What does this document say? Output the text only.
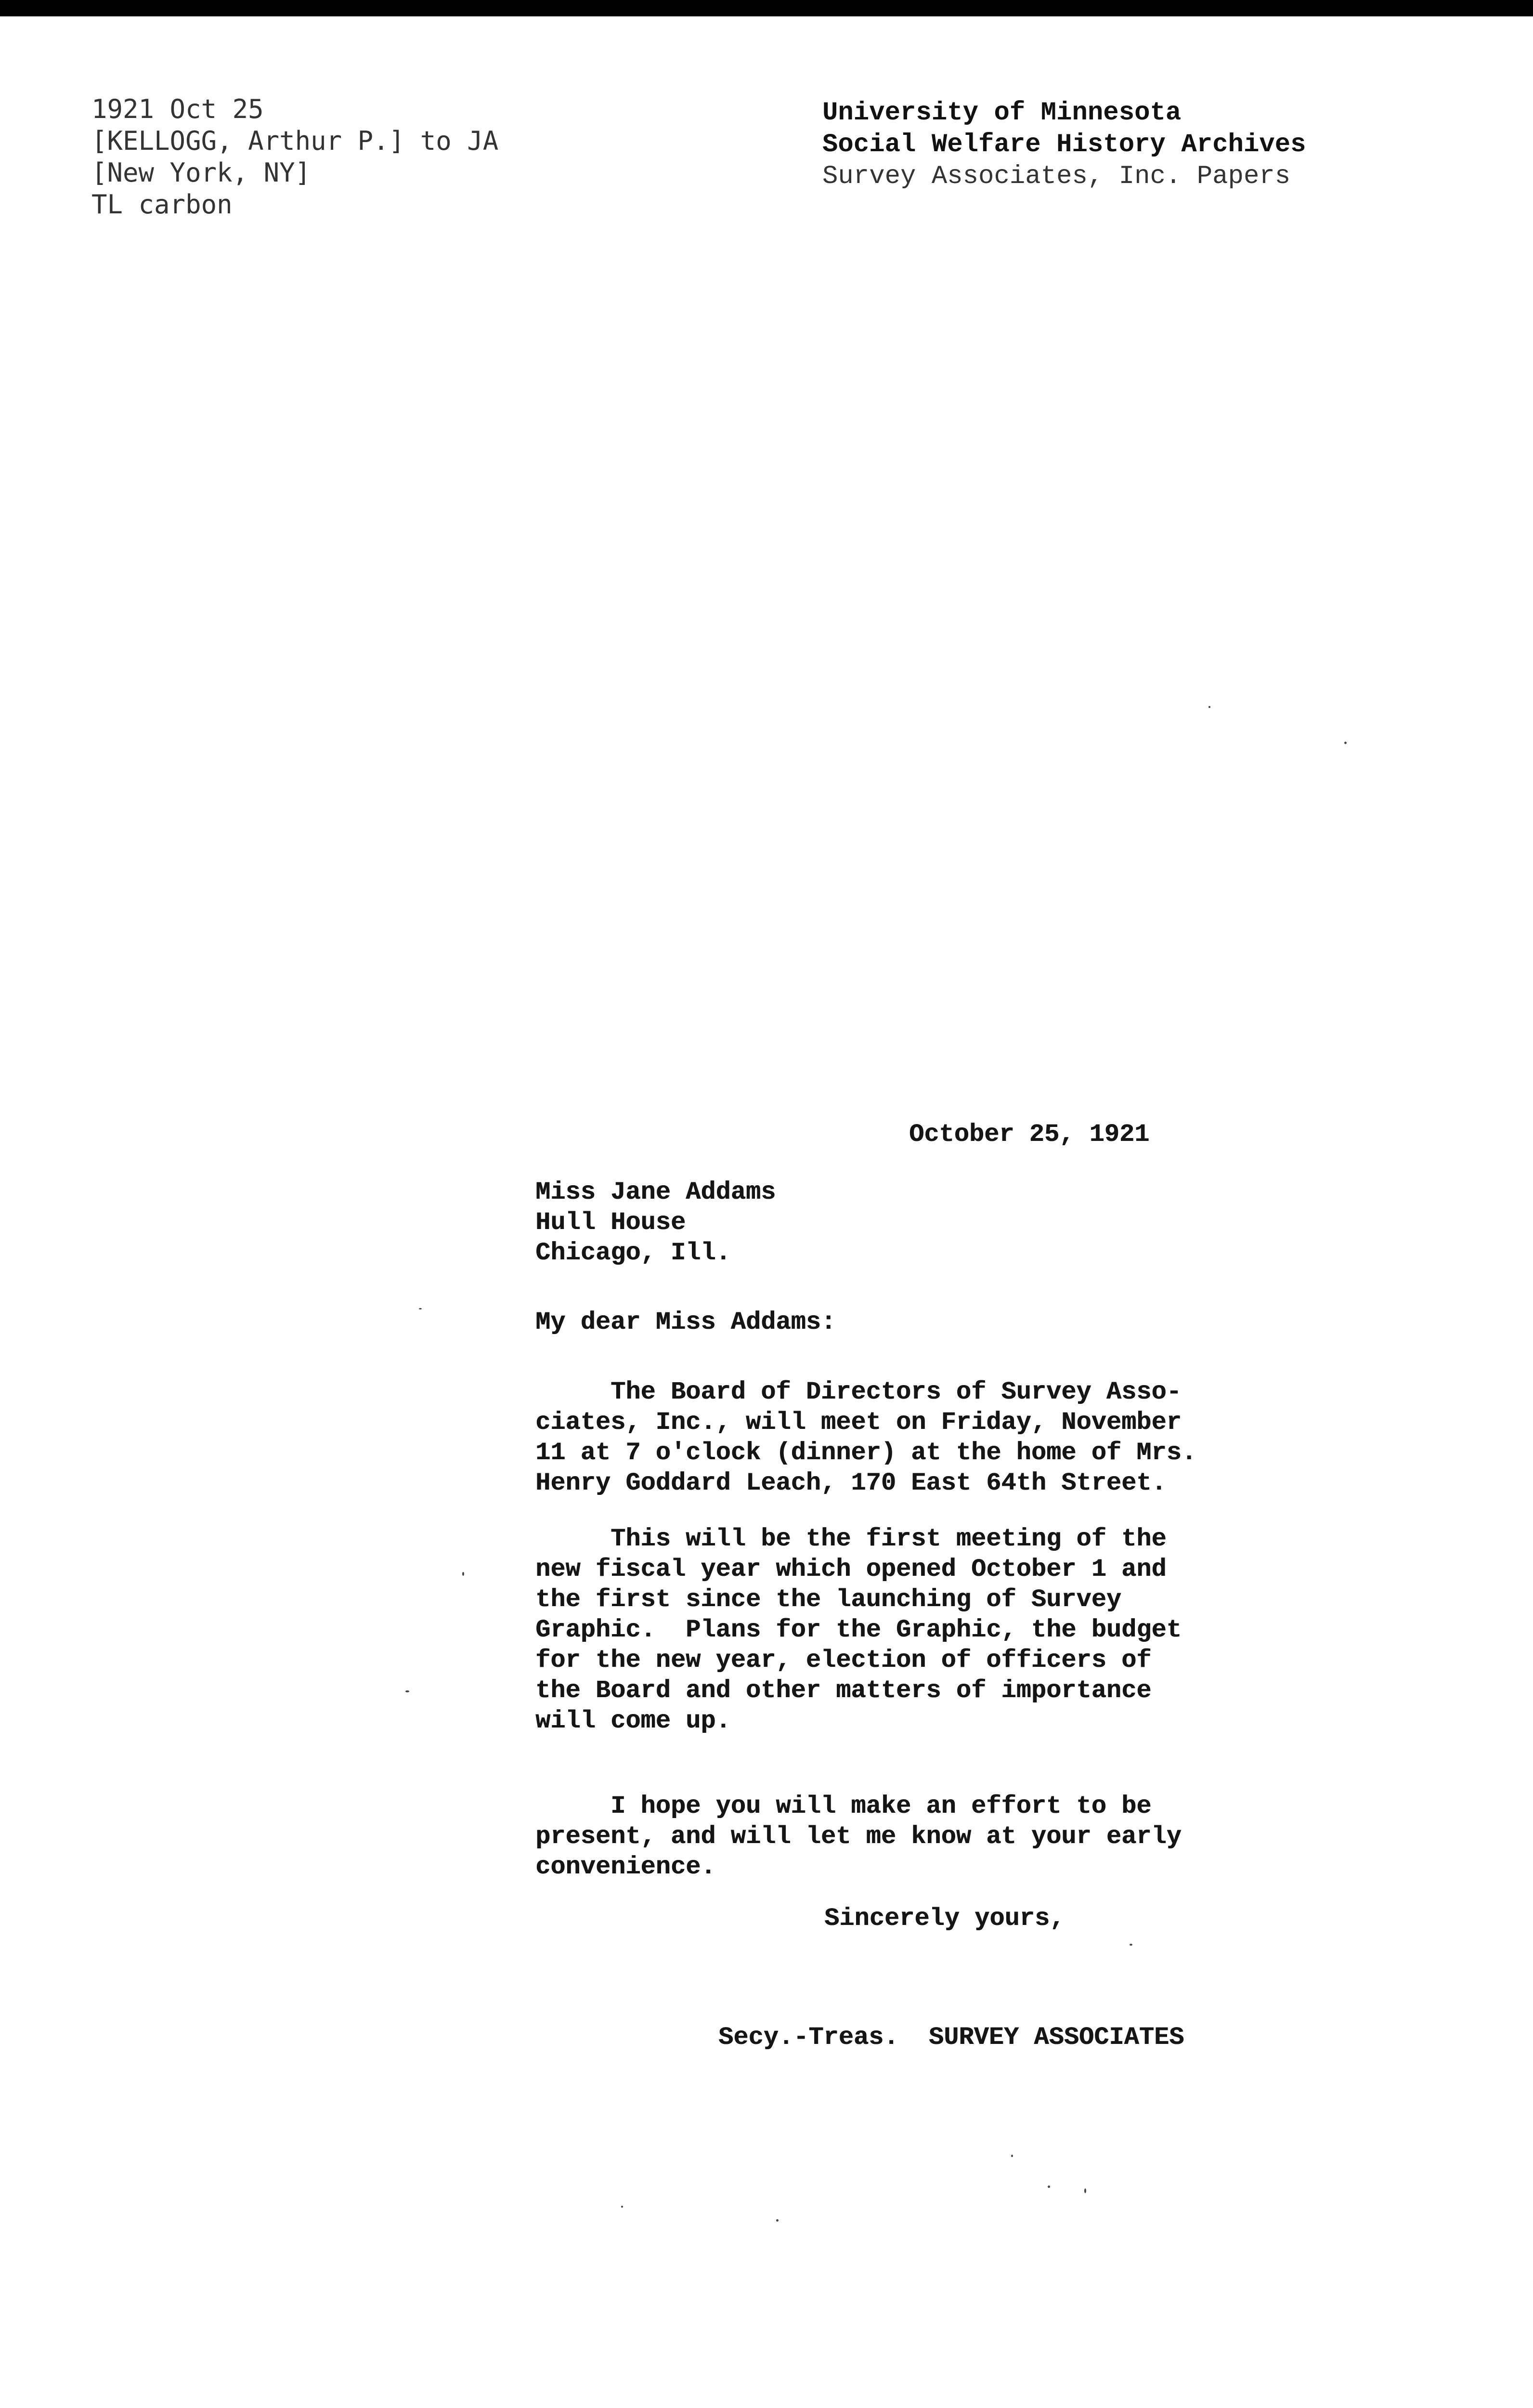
1921 Oct 25
[KELLOGG, Arthur P.] to JA
[New York, NY]
TL carbon
University of Minnesota
Social Welfare History Archives
Survey Associates, Inc. Papers
October 25, 1921
Miss Jane Addams
Hull House
Chicago, Ill.
My dear Miss Addams:
The Board of Directors of Survey Asso-
ciates, Inc., will meet on Friday, November
11 at 7 o'clock (dinner) at the home of Mrs.
Henry Goddard Leach, 170 East 64th Street.
This will be the first meeting of the
new fiscal year which opened October 1 and
the first since the launching of Survey
Graphic.  Plans for the Graphic, the budget
for the new year, election of officers of
the Board and other matters of importance
will come up.
I hope you will make an effort to be
present, and will let me know at your early
convenience.
Sincerely yours,
Secy.-Treas.  SURVEY ASSOCIATES
